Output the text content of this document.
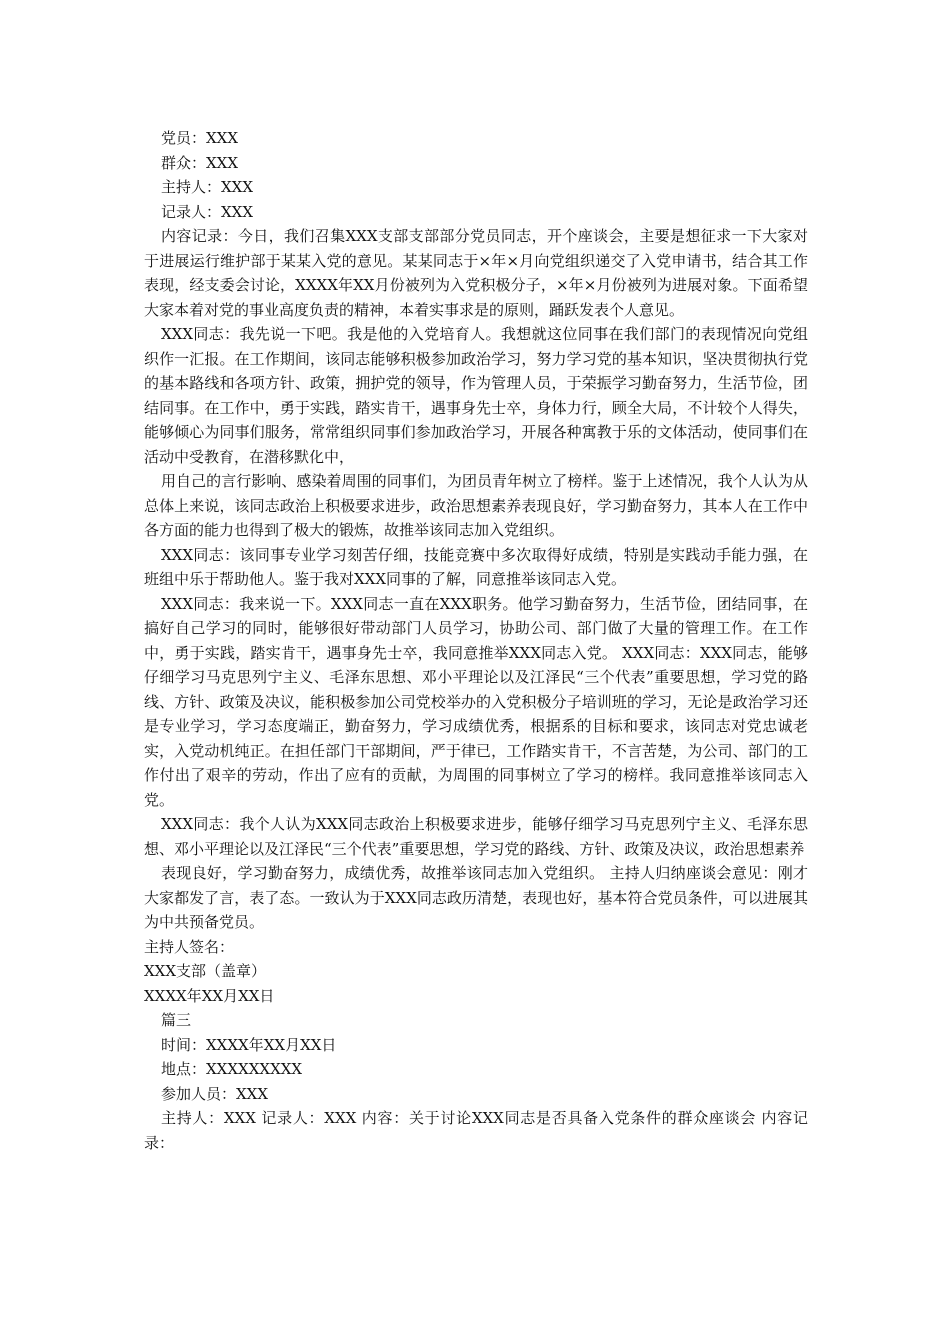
党员：XXX

群众：XXX

主持人：XXX

记录人：XXX

内容记录：今日，我们召集XXX支部支部部分党员同志，开个座谈会，主要是想征求一下大家对于进展运行维护部于某某入党的意见。某某同志于×年×月向党组织递交了入党申请书，结合其工作表现，经支委会讨论，XXXX年XX月份被列为入党积极分子，×年×月份被列为进展对象。下面希望大家本着对党的事业高度负责的精神，本着实事求是的原则，踊跃发表个人意见。

XXX同志：我先说一下吧。我是他的入党培育人。我想就这位同事在我们部门的表现情况向党组织作一汇报。在工作期间，该同志能够积极参加政治学习，努力学习党的基本知识，坚决贯彻执行党的基本路线和各项方针、政策，拥护党的领导，作为管理人员，于荣振学习勤奋努力，生活节俭，团结同事。在工作中，勇于实践，踏实肯干，遇事身先士卒，身体力行，顾全大局，不计较个人得失，能够倾心为同事们服务，常常组织同事们参加政治学习，开展各种寓教于乐的文体活动，使同事们在活动中受教育，在潜移默化中，

用自己的言行影响、感染着周围的同事们，为团员青年树立了榜样。鉴于上述情况，我个人认为从总体上来说，该同志政治上积极要求进步，政治思想素养表现良好，学习勤奋努力，其本人在工作中各方面的能力也得到了极大的锻炼，故推举该同志加入党组织。

XXX同志：该同事专业学习刻苦仔细，技能竞赛中多次取得好成绩，特别是实践动手能力强，在班组中乐于帮助他人。鉴于我对XXX同事的了解，同意推举该同志入党。

XXX同志：我来说一下。XXX同志一直在XXX职务。他学习勤奋努力，生活节俭，团结同事，在搞好自己学习的同时，能够很好带动部门人员学习，协助公司、部门做了大量的管理工作。在工作中，勇于实践，踏实肯干，遇事身先士卒，我同意推举XXX同志入党。 XXX同志：XXX同志，能够仔细学习马克思列宁主义、毛泽东思想、邓小平理论以及江泽民“三个代表”重要思想，学习党的路线、方针、政策及决议，能积极参加公司党校举办的入党积极分子培训班的学习，无论是政治学习还是专业学习，学习态度端正，勤奋努力，学习成绩优秀，根据系的目标和要求，该同志对党忠诚老实，入党动机纯正。在担任部门干部期间，严于律已，工作踏实肯干，不言苦楚，为公司、部门的工作付出了艰辛的劳动，作出了应有的贡献，为周围的同事树立了学习的榜样。我同意推举该同志入党。

XXX同志：我个人认为XXX同志政治上积极要求进步，能够仔细学习马克思列宁主义、毛泽东思想、邓小平理论以及江泽民“三个代表”重要思想，学习党的路线、方针、政策及决议，政治思想素养

表现良好，学习勤奋努力，成绩优秀，故推举该同志加入党组织。 主持人归纳座谈会意见：刚才大家都发了言，表了态。一致认为于XXX同志政历清楚，表现也好，基本符合党员条件，可以进展其为中共预备党员。

主持人签名：

XXX支部（盖章）

XXXX年XX月XX日

篇三

时间：XXXX年XX月XX日

地点：XXXXXXXXX

参加人员：XXX

主持人：XXX 记录人：XXX 内容：关于讨论XXX同志是否具备入党条件的群众座谈会 内容记录：
